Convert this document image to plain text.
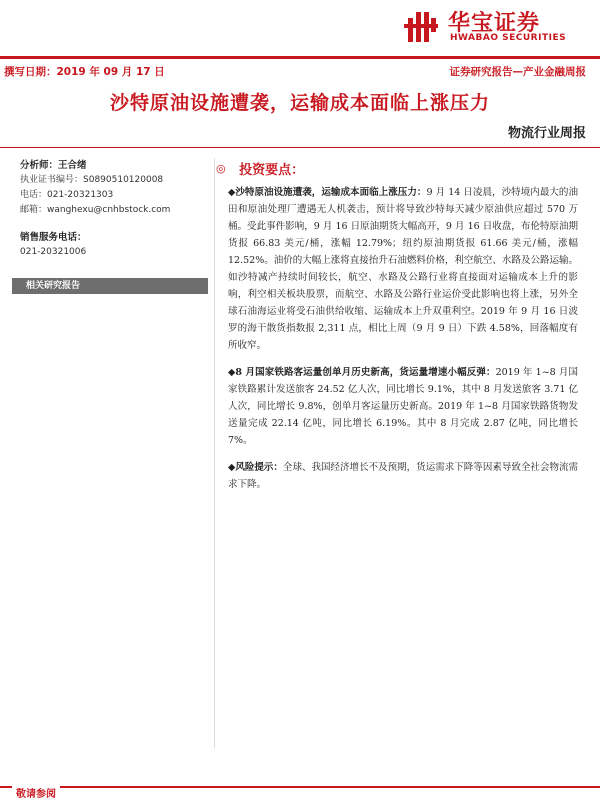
华宝证券
HWABAO SECURITIES
撰写日期：2019 年 09 月 17 日	证券研究报告—产业金融周报
沙特原油设施遭袭，运输成本面临上涨压力
物流行业周报
分析师：王合绪
执业证书编号：S0890510120008
电话：021-20321303
邮箱：wanghexu@cnhbstock.com
销售服务电话：
021-20321006
相关研究报告
◎ 投资要点：

◆沙特原油设施遭袭，运输成本面临上涨压力：9 月 14 日凌晨，沙特境内最大的油田和原油处理厂遭遇无人机袭击，预计将导致沙特每天减少原油供应超过 570 万桶。受此事件影响，9 月 16 日原油期货大幅高开，9 月 16 日收盘，布伦特原油期货报 66.83 美元/桶，涨幅 12.79%；纽约原油期货报 61.66 美元/桶，涨幅 12.52%。油价的大幅上涨将直接抬升石油燃料价格，利空航空、水路及公路运输。如沙特减产持续时间较长，航空、水路及公路行业将直接面对运输成本上升的影响，利空相关板块股票，而航空、水路及公路行业运价受此影响也将上涨，另外全球石油海运业将受石油供给收缩、运输成本上升双重利空。2019 年 9 月 16 日波罗的海干散货指数报 2,311 点，相比上周（9 月 9 日）下跌 4.58%，回落幅度有所收窄。

◆8 月国家铁路客运量创单月历史新高，货运量增速小幅反弹：2019 年 1~8 月国家铁路累计发送旅客 24.52 亿人次，同比增长 9.1%，其中 8 月发送旅客 3.71 亿人次，同比增长 9.8%，创单月客运量历史新高。2019 年 1~8 月国家铁路货物发送量完成 22.14 亿吨，同比增长 6.19%。其中 8 月完成 2.87 亿吨，同比增长 7%。

◆风险提示：全球、我国经济增长不及预期，货运需求下降等因素导致全社会物流需求下降。

敬请参阅
